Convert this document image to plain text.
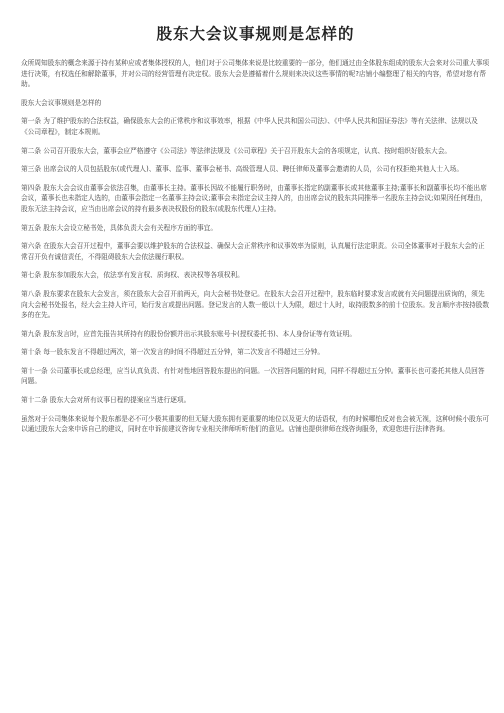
股东大会议事规则是怎样的

众所周知股东的概念来源于持有某种应或者集体授权的人，他们对于公司集体来说是比较重要的一部分，他们通过由全体股东组成的股东大会来对公司重大事项进行决策，有权选任和解除董事，并对公司的经营管理有决定权。股东大会是遵循着什么规则来决议这些事情的呢?店铺小编整理了相关的内容，希望对您有帮助。

股东大会议事规则是怎样的

第一条 为了维护股东的合法权益，确保股东大会的正常秩序和议事效率，根据《中华人民共和国公司法》、《中华人民共和国证券法》等有关法律、法规以及《公司章程》，制定本规则。

第二条 公司召开股东大会，董事会应严格遵守《公司法》等法律法规及《公司章程》关于召开股东大会的各项规定，认真、按时组织好股东大会。

第三条 出席会议的人员包括股东(或代理人)、董事、监事、董事会秘书、高级管理人员、聘任律师及董事会邀请的人员，公司有权拒绝其他人士入场。

第四条 股东大会会议由董事会依法召集，由董事长主持。董事长因故不能履行职务时，由董事长指定的副董事长或其他董事主持;董事长和副董事长均不能出席会议，董事长也未指定人选的，由董事会指定一名董事主持会议;董事会未指定会议主持人的，由出席会议的股东共同推举一名股东主持会议;如果因任何理由，股东无法主持会议，应当由出席会议的持有最多表决权股份的股东(或股东代理人)主持。

第五条 股东大会设立秘书处，具体负责大会有关程序方面的事宜。

第六条 在股东大会召开过程中，董事会要以维护股东的合法权益、确保大会正常秩序和议事效率为原则，认真履行法定职责。公司全体董事对于股东大会的正常召开负有诚信责任，不得阻碍股东大会依法履行职权。

第七条 股东参加股东大会，依法享有发言权、质询权、表决权等各项权利。

第八条 股东要求在股东大会发言，须在股东大会召开前两天，向大会秘书处登记。在股东大会召开过程中，股东临时要求发言或就有关问题提出质询的，须先向大会秘书处报名，经大会主持人许可，始行发言或提出问题。登记发言的人数一般以十人为限，超过十人时，取持股数多的前十位股东。发言顺序亦按持股数多的在先。

第九条 股东发言时，应首先报告其所持有的股份份额并出示其股东账号卡(授权委托书)、本人身份证等有效证明。

第十条 每一股东发言不得超过两次，第一次发言的时间不得超过五分钟，第二次发言不得超过三分钟。

第十一条 公司董事长或总经理，应当认真负责、有针对性地回答股东提出的问题。一次回答问题的时间，同样不得超过五分钟。董事长也可委托其他人员回答问题。

第十二条 股东大会对所有议事日程的提案应当进行逐项。

虽然对于公司集体来说每个股东都是必不可少极其重要的但无疑大股东拥有更重要的地位以及更大的话语权，有的时候哪怕反对也会被无视，这种时候小股东可以通过股东大会来申诉自己的建议，同时在申诉前建议咨询专业相关律师听听他们的意见。店铺也提供律师在线咨询服务，欢迎您进行法律咨询。
